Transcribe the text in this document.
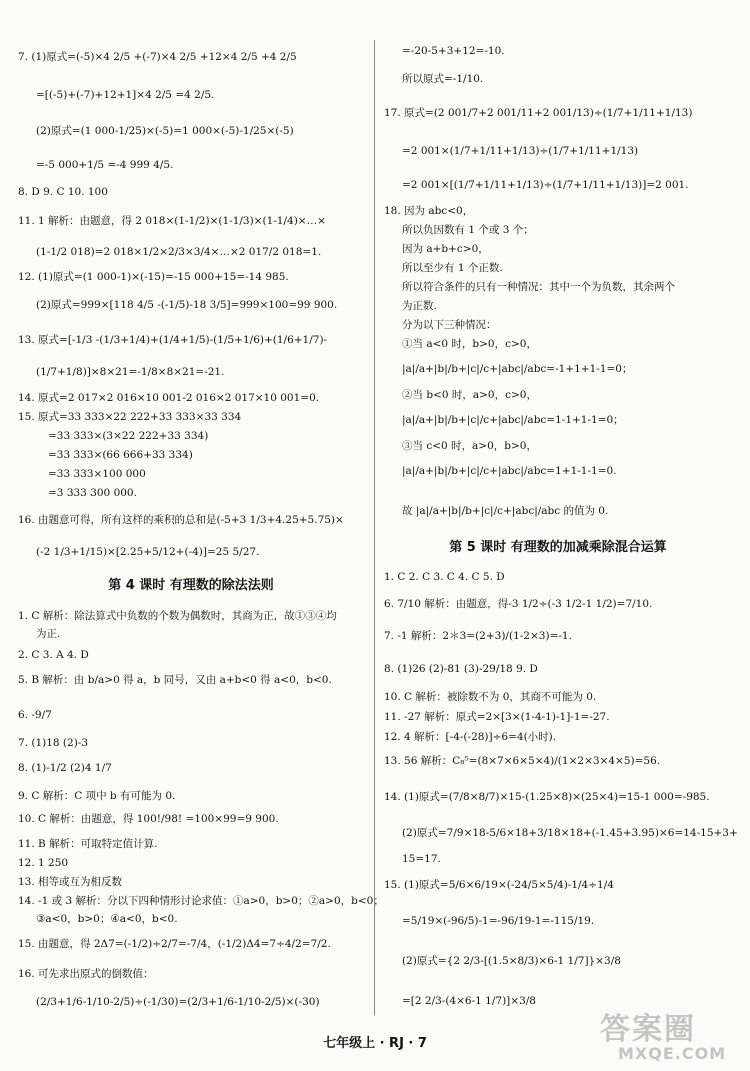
7. (1)原式=(-5)×4 2/5 +(-7)×4 2/5 +12×4 2/5 +4 2/5
=[(-5)+(-7)+12+1]×4 2/5 =4 2/5.
(2)原式=(1 000-1/25)×(-5)=1 000×(-5)-1/25×(-5)
=-5 000+1/5 =-4 999 4/5.
8. D 9. C 10. 100
11. 1 解析：由题意，得 2 018×(1-1/2)×(1-1/3)×(1-1/4)×…×
(1-1/2 018)=2 018×1/2×2/3×3/4×…×2 017/2 018=1.
12. (1)原式=(1 000-1)×(-15)=-15 000+15=-14 985.
(2)原式=999×[118 4/5 -(-1/5)-18 3/5]=999×100=99 900.
13. 原式=[-1/3 -(1/3+1/4)+(1/4+1/5)-(1/5+1/6)+(1/6+1/7)-
(1/7+1/8)]×8×21=-1/8×8×21=-21.
14. 原式=2 017×2 016×10 001-2 016×2 017×10 001=0.
15. 原式=33 333×22 222+33 333×33 334
=33 333×(3×22 222+33 334)
=33 333×(66 666+33 334)
=33 333×100 000
=3 333 300 000.
16. 由题意可得，所有这样的乘积的总和是(-5+3 1/3+4.25+5.75)×
(-2 1/3+1/15)×[2.25+5/12+(-4)]=25 5/27.
第 4 课时 有理数的除法法则
1. C 解析：除法算式中负数的个数为偶数时，其商为正，故①③④均
为正.
2. C 3. A 4. D
5. B 解析：由 b/a>0 得 a，b 同号，又由 a+b<0 得 a<0，b<0.
6. -9/7
7. (1)18 (2)-3
8. (1)-1/2 (2)4 1/7
9. C 解析：C 项中 b 有可能为 0.
10. C 解析：由题意，得 100!/98! =100×99=9 900.
11. B 解析：可取特定值计算.
12. 1 250
13. 相等或互为相反数
14. -1 或 3 解析：分以下四种情形讨论求值：①a>0，b>0；②a>0，b<0；
③a<0，b>0；④a<0，b<0.
15. 由题意，得 2Δ7=(-1/2)÷2/7=-7/4，(-1/2)Δ4=7÷4/2=7/2.
16. 可先求出原式的倒数值：
(2/3+1/6-1/10-2/5)÷(-1/30)=(2/3+1/6-1/10-2/5)×(-30)
=-20-5+3+12=-10.
所以原式=-1/10.
17. 原式=(2 001/7+2 001/11+2 001/13)÷(1/7+1/11+1/13)
=2 001×(1/7+1/11+1/13)÷(1/7+1/11+1/13)
=2 001×[(1/7+1/11+1/13)÷(1/7+1/11+1/13)]=2 001.
18. 因为 abc<0，
所以负因数有 1 个或 3 个；
因为 a+b+c>0，
所以至少有 1 个正数.
所以符合条件的只有一种情况：其中一个为负数，其余两个
为正数.
分为以下三种情况：
①当 a<0 时，b>0，c>0，
|a|/a+|b|/b+|c|/c+|abc|/abc=-1+1+1-1=0；
②当 b<0 时，a>0，c>0，
|a|/a+|b|/b+|c|/c+|abc|/abc=1-1+1-1=0；
③当 c<0 时，a>0，b>0，
|a|/a+|b|/b+|c|/c+|abc|/abc=1+1-1-1=0.
故 |a|/a+|b|/b+|c|/c+|abc|/abc 的值为 0.
第 5 课时 有理数的加减乘除混合运算
1. C 2. C 3. C 4. C 5. D
6. 7/10 解析：由题意，得-3 1/2÷(-3 1/2-1 1/2)=7/10.
7. -1 解析：2＊3=(2+3)/(1-2×3)=-1.
8. (1)26 (2)-81 (3)-29/18 9. D
10. C 解析：被除数不为 0，其商不可能为 0.
11. -27 解析：原式=2×[3×(1-4-1)-1]-1=-27.
12. 4 解析：[-4-(-28)]÷6=4(小时).
13. 56 解析：C₈⁵=(8×7×6×5×4)/(1×2×3×4×5)=56.
14. (1)原式=(7/8×8/7)×15-(1.25×8)×(25×4)=15-1 000=-985.
(2)原式=7/9×18-5/6×18+3/18×18+(-1.45+3.95)×6=14-15+3+
15=17.
15. (1)原式=5/6×6/19×(-24/5×5/4)-1/4÷1/4
=5/19×(-96/5)-1=-96/19-1=-115/19.
(2)原式={2 2/3-[(1.5×8/3)×6-1 1/7]}×3/8
=[2 2/3-(4×6-1 1/7)]×3/8
七年级上 · RJ · 7	答案圈
MXQE.COM
